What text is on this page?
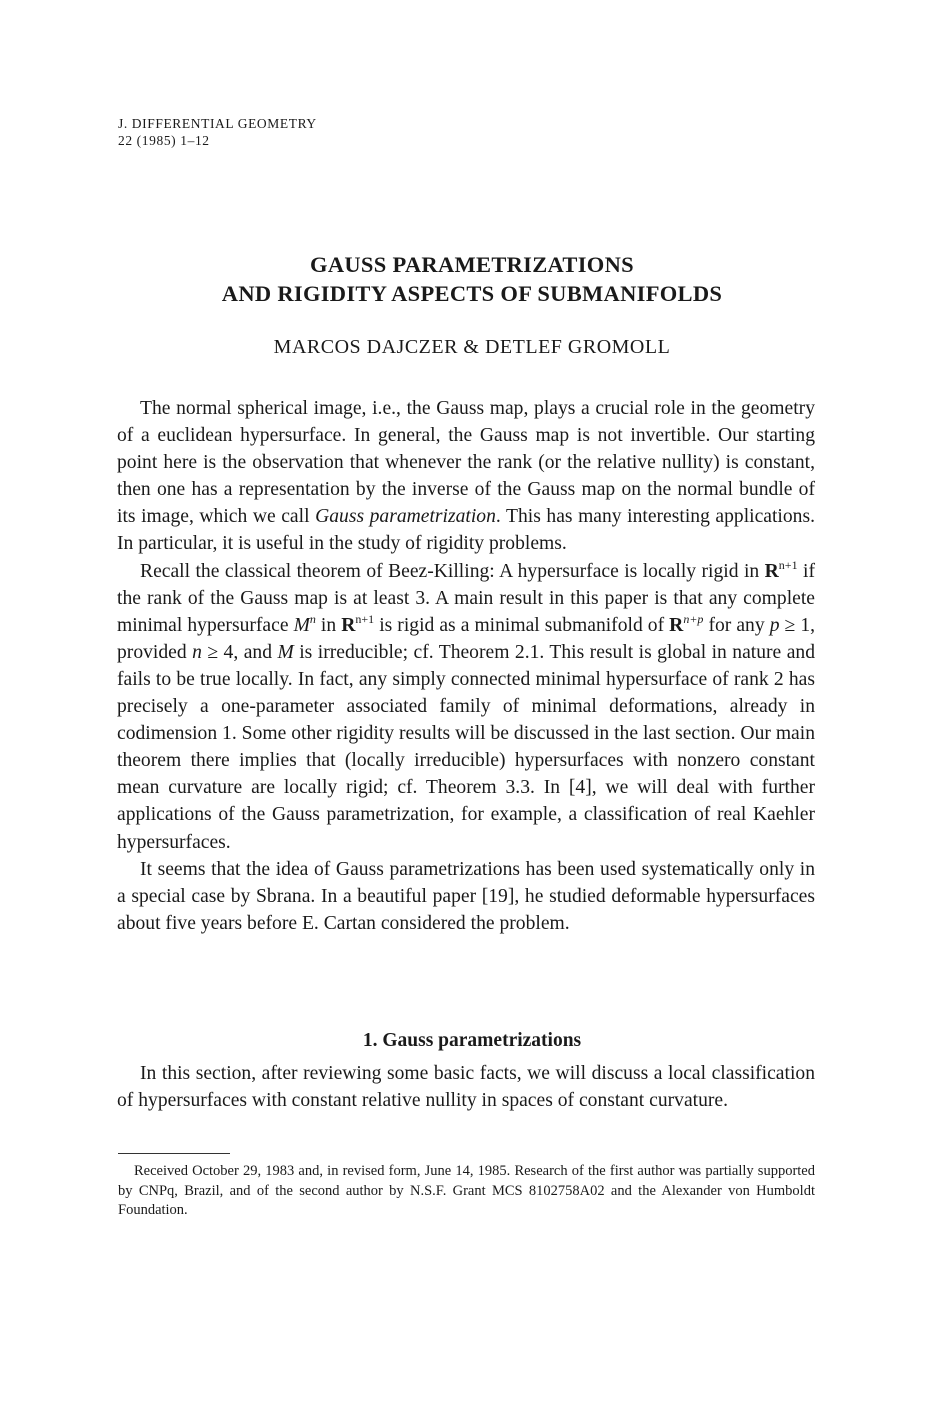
J. DIFFERENTIAL GEOMETRY
22 (1985) 1–12
GAUSS PARAMETRIZATIONS
AND RIGIDITY ASPECTS OF SUBMANIFOLDS
MARCOS DAJCZER & DETLEF GROMOLL

The normal spherical image, i.e., the Gauss map, plays a crucial role in the geometry of a euclidean hypersurface. In general, the Gauss map is not invertible. Our starting point here is the observation that whenever the rank (or the relative nullity) is constant, then one has a representation by the inverse of the Gauss map on the normal bundle of its image, which we call Gauss parametrization. This has many interesting applications. In particular, it is useful in the study of rigidity problems.

Recall the classical theorem of Beez-Killing: A hypersurface is locally rigid in $R^{n+1}$ if the rank of the Gauss map is at least 3. A main result in this paper is that any complete minimal hypersurface $M^n$ in $R^{n+1}$ is rigid as a minimal submanifold of $R^{n+p}$ for any p ≥ 1, provided n ≥ 4, and M is irreducible; cf. Theorem 2.1. This result is global in nature and fails to be true locally. In fact, any simply connected minimal hypersurface of rank 2 has precisely a one-parameter associated family of minimal deformations, already in codimension 1. Some other rigidity results will be discussed in the last section. Our main theorem there implies that (locally irreducible) hypersurfaces with nonzero constant mean curvature are locally rigid; cf. Theorem 3.3. In [4], we will deal with further applications of the Gauss parametrization, for example, a classification of real Kaehler hypersurfaces.

It seems that the idea of Gauss parametrizations has been used systematically only in a special case by Sbrana. In a beautiful paper [19], he studied deformable hypersurfaces about five years before E. Cartan considered the problem.

1. Gauss parametrizations

In this section, after reviewing some basic facts, we will discuss a local classification of hypersurfaces with constant relative nullity in spaces of constant curvature.

Received October 29, 1983 and, in revised form, June 14, 1985. Research of the first author was partially supported by CNPq, Brazil, and of the second author by N.S.F. Grant MCS 8102758A02 and the Alexander von Humboldt Foundation.
